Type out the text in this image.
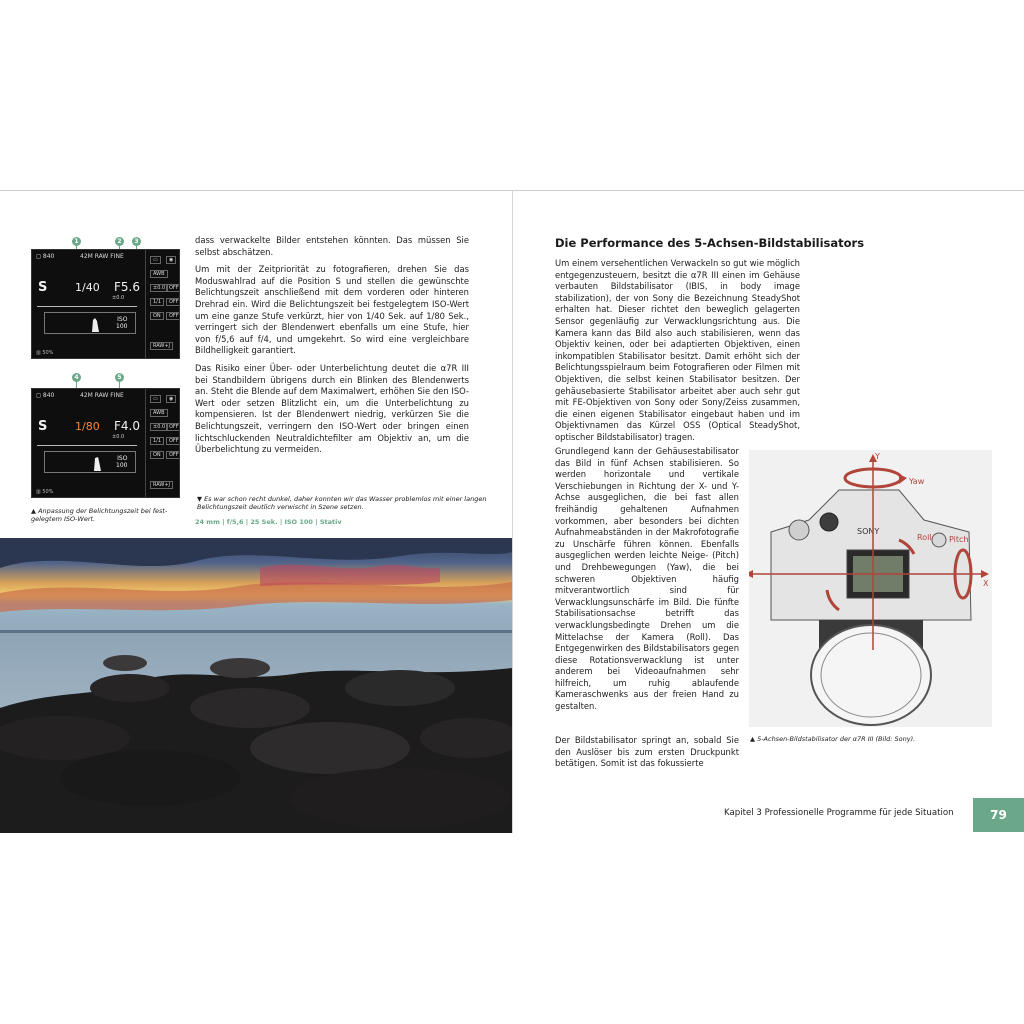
1	2	3
◻ 840	42M RAW FINE
S	1/40 F5.6
±0.0
ISO
100
▥ 50%
▭	◉
AWB
OFF
±0.0
OFF
1/1
ON	OFF
RAW+J
4	5
◻ 840	42M RAW FINE
S	1/80 F4.0
±0.0
ISO
100
▥ 50%
▭	◉
AWB
OFF
±0.0
OFF
1/1
ON	OFF
RAW+J
▲ Anpassung der Belichtungszeit bei fest-gelegtem ISO-Wert.

dass verwackelte Bilder entstehen könnten. Das müssen Sie selbst abschätzen.

Um mit der Zeitpriorität zu fotografieren, drehen Sie das Moduswahlrad auf die Position S und stellen die gewünschte Belichtungszeit anschließend mit dem vorderen oder hinteren Drehrad ein. Wird die Belichtungszeit bei festgelegtem ISO-Wert um eine ganze Stufe verkürzt, hier von 1/40 Sek. auf 1/80 Sek., verringert sich der Blendenwert ebenfalls um eine Stufe, hier von f/5,6 auf f/4, und umgekehrt. So wird eine vergleichbare Bildhelligkeit garantiert.

Das Risiko einer Über- oder Unterbelichtung deutet die α7R III bei Standbildern übrigens durch ein Blinken des Blendenwerts an. Steht die Blende auf dem Maximalwert, erhöhen Sie den ISO-Wert oder setzen Blitzlicht ein, um die Unterbelichtung zu kompensieren. Ist der Blendenwert niedrig, verkürzen Sie die Belichtungszeit, verringern den ISO-Wert oder bringen einen lichtschluckenden Neutraldichtefilter am Objektiv an, um die Überbelichtung zu vermeiden.

▼ Es war schon recht dunkel, daher konnten wir das Wasser problemlos mit einer langen Belichtungszeit deutlich verwischt in Szene setzen.
24 mm | f/5,6 | 25 Sek. | ISO 100 | Stativ
Die Performance des 5-Achsen-Bildstabilisators
Um einem versehentlichen Verwackeln so gut wie möglich entgegenzusteuern, besitzt die α7R III einen im Gehäuse verbauten Bildstabilisator (IBIS, in body image stabilization), der von Sony die Bezeichnung SteadyShot erhalten hat. Dieser richtet den beweglich gelagerten Sensor gegenläufig zur Verwacklungsrichtung aus. Die Kamera kann das Bild also auch stabilisieren, wenn das Objektiv keinen, oder bei adaptierten Objektiven, einen inkompatiblen Stabilisator besitzt. Damit erhöht sich der Belichtungsspielraum beim Fotografieren oder Filmen mit Objektiven, die selbst keinen Stabilisator besitzen. Der gehäusebasierte Stabilisator arbeitet aber auch sehr gut mit FE-Objektiven von Sony oder Sony/Zeiss zusammen, die einen eigenen Stabilisator eingebaut haben und im Objektivnamen das Kürzel OSS (Optical SteadyShot, optischer Bildstabilisator) tragen.
Grundlegend kann der Gehäusestabilisator das Bild in fünf Achsen stabilisieren. So werden horizontale und vertikale Verschiebungen in Richtung der X- und Y-Achse ausgeglichen, die bei fast allen freihändig gehaltenen Aufnahmen vorkommen, aber besonders bei dichten Aufnahmeabständen in der Makrofotografie zu Unschärfe führen können. Ebenfalls ausgeglichen werden leichte Neige- (Pitch) und Drehbewegungen (Yaw), die bei schweren Objektiven häufig mitverantwortlich sind für Verwacklungsunschärfe im Bild. Die fünfte Stabilisationsachse betrifft das verwacklungsbedingte Drehen um die Mittelachse der Kamera (Roll). Das Entgegenwirken des Bildstabilisators gegen diese Rotationsverwacklung ist unter anderem bei Videoaufnahmen sehr hilfreich, um ruhig ablaufende Kameraschwenks aus der freien Hand zu gestalten.
Der Bildstabilisator springt an, sobald Sie den Auslöser bis zum ersten Druckpunkt betätigen. Somit ist das fokussierte
SONY
Y
X
Yaw
Pitch
Roll
▲ 5-Achsen-Bildstabilisator der α7R III (Bild: Sony).
Kapitel 3 Professionelle Programme für jede Situation	79
